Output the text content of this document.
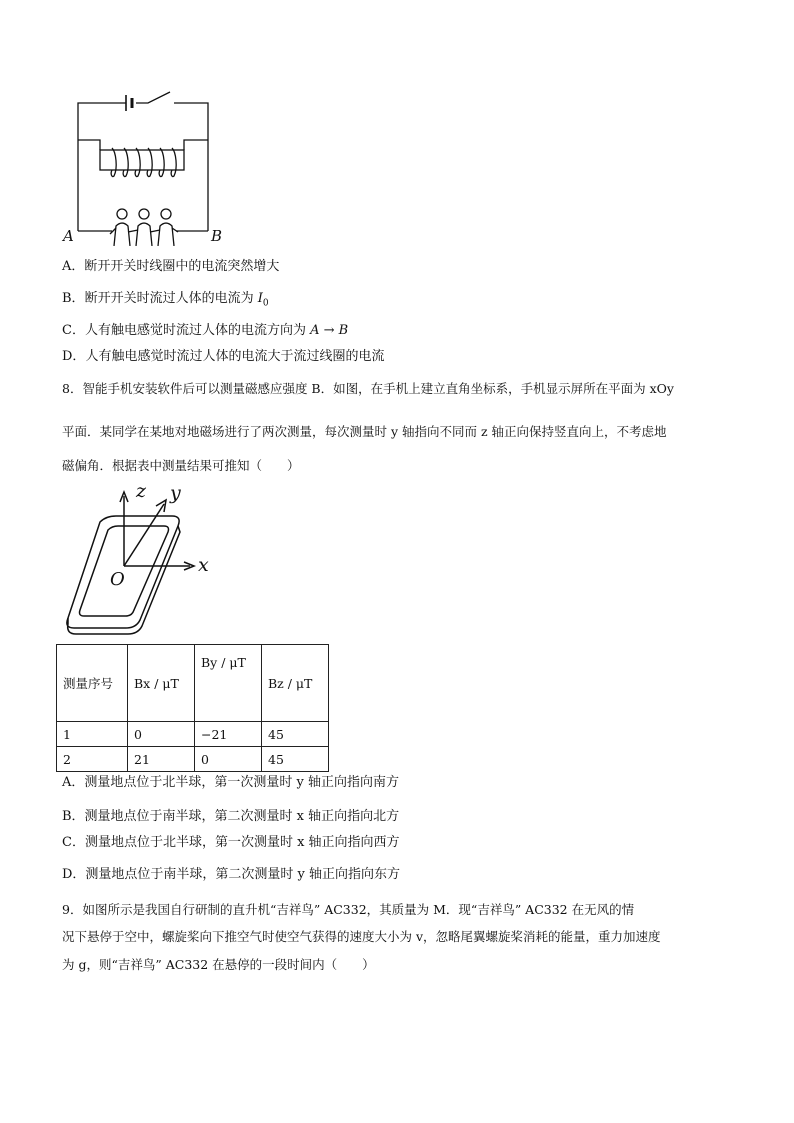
A	B
A．断开开关时线圈中的电流突然增大
B．断开开关时流过人体的电流为 $I_0$
C．人有触电感觉时流过人体的电流方向为 A → B
D．人有触电感觉时流过人体的电流大于流过线圈的电流
8．智能手机安装软件后可以测量磁感应强度 B．如图，在手机上建立直角坐标系，手机显示屏所在平面为 xOy
平面．某同学在某地对地磁场进行了两次测量，每次测量时 y 轴指向不同而 z 轴正向保持竖直向上，不考虑地
磁偏角．根据表中测量结果可推知（　　）
z y
x
O
测量序号	Bx / μT	By / μT	Bz / μT
1	0	−21	45
2	21	0	45
A．测量地点位于北半球，第一次测量时 y 轴正向指向南方
B．测量地点位于南半球，第二次测量时 x 轴正向指向北方
C．测量地点位于北半球，第一次测量时 x 轴正向指向西方
D．测量地点位于南半球，第二次测量时 y 轴正向指向东方
9．如图所示是我国自行研制的直升机“吉祥鸟” AC332，其质量为 M．现“吉祥鸟” AC332 在无风的情
况下悬停于空中，螺旋桨向下推空气时使空气获得的速度大小为 v，忽略尾翼螺旋桨消耗的能量，重力加速度
为 g，则“吉祥鸟” AC332 在悬停的一段时间内（　　）
